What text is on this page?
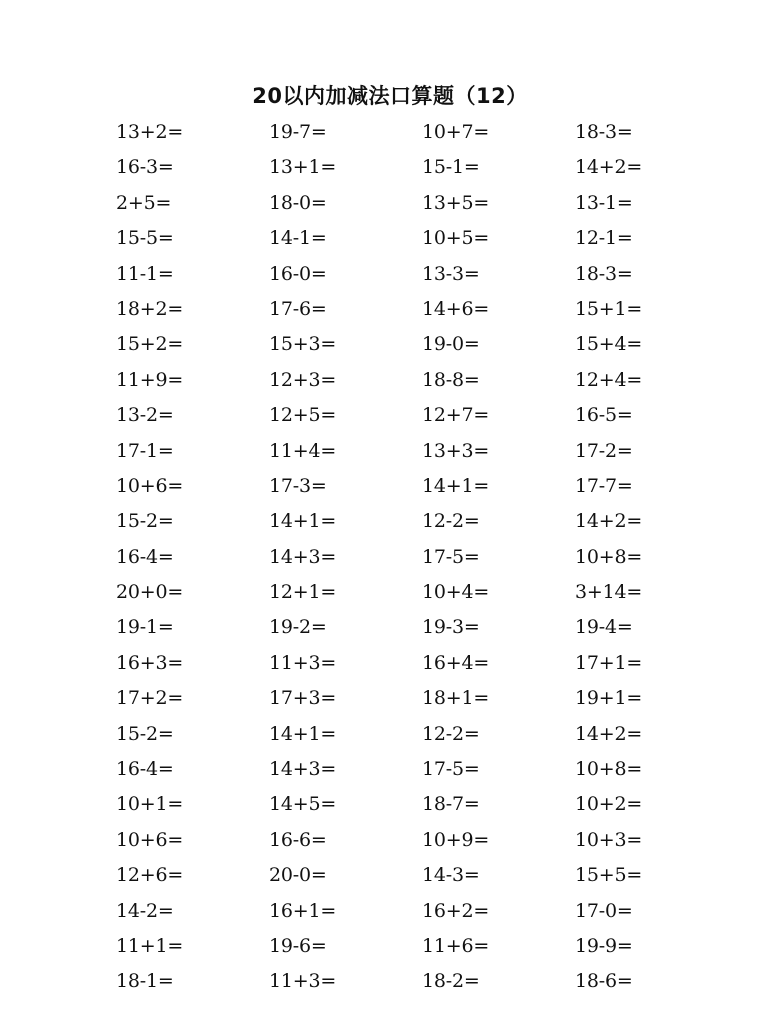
20以内加减法口算题（12）
13+2=	19-7=	10+7=	18-3=
16-3=	13+1=	15-1=	14+2=
2+5=	18-0=	13+5=	13-1=
15-5=	14-1=	10+5=	12-1=
11-1=	16-0=	13-3=	18-3=
18+2=	17-6=	14+6=	15+1=
15+2=	15+3=	19-0=	15+4=
11+9=	12+3=	18-8=	12+4=
13-2=	12+5=	12+7=	16-5=
17-1=	11+4=	13+3=	17-2=
10+6=	17-3=	14+1=	17-7=
15-2=	14+1=	12-2=	14+2=
16-4=	14+3=	17-5=	10+8=
20+0=	12+1=	10+4=	3+14=
19-1=	19-2=	19-3=	19-4=
16+3=	11+3=	16+4=	17+1=
17+2=	17+3=	18+1=	19+1=
15-2=	14+1=	12-2=	14+2=
16-4=	14+3=	17-5=	10+8=
10+1=	14+5=	18-7=	10+2=
10+6=	16-6=	10+9=	10+3=
12+6=	20-0=	14-3=	15+5=
14-2=	16+1=	16+2=	17-0=
11+1=	19-6=	11+6=	19-9=
18-1=	11+3=	18-2=	18-6=
